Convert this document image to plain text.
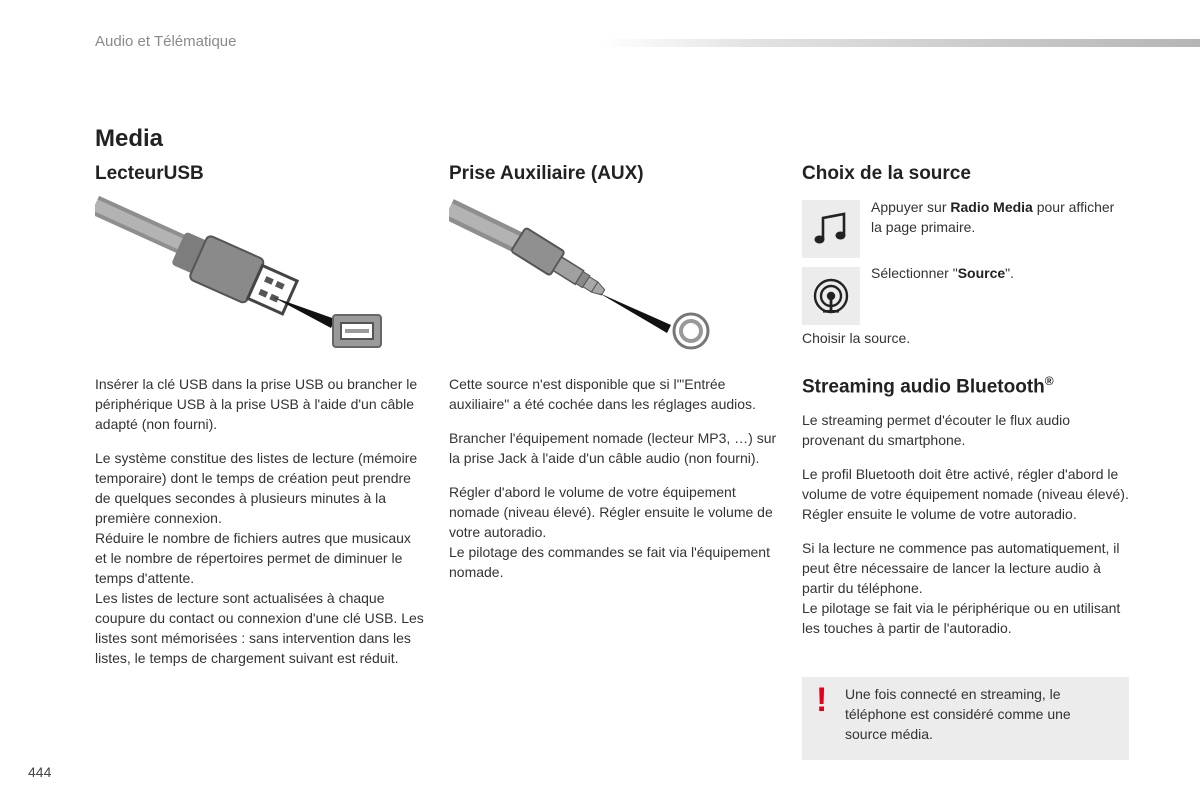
Audio et Télématique
Media
LecteurUSB

Insérer la clé USB dans la prise USB ou brancher le périphérique USB à la prise USB à l'aide d'un câble adapté (non fourni).

Le système constitue des listes de lecture (mémoire temporaire) dont le temps de création peut prendre de quelques secondes à plusieurs minutes à la première connexion.
Réduire le nombre de fichiers autres que musicaux et le nombre de répertoires permet de diminuer le temps d'attente.
Les listes de lecture sont actualisées à chaque coupure du contact ou connexion d'une clé USB. Les listes sont mémorisées : sans intervention dans les listes, le temps de chargement suivant est réduit.

Prise Auxiliaire (AUX)

Cette source n'est disponible que si l'"Entrée auxiliaire" a été cochée dans les réglages audios.

Brancher l'équipement nomade (lecteur MP3, …) sur la prise Jack à l'aide d'un câble audio (non fourni).

Régler d'abord le volume de votre équipement nomade (niveau élevé). Régler ensuite le volume de votre autoradio.
Le pilotage des commandes se fait via l'équipement nomade.

Choix de la source
Appuyer sur Radio Media pour afficher la page primaire.
Sélectionner "Source".
Choisir la source.
Streaming audio Bluetooth®

Le streaming permet d'écouter le flux audio provenant du smartphone.

Le profil Bluetooth doit être activé, régler d'abord le volume de votre équipement nomade (niveau élevé).
Régler ensuite le volume de votre autoradio.

Si la lecture ne commence pas automatiquement, il peut être nécessaire de lancer la lecture audio à partir du téléphone.
Le pilotage se fait via le périphérique ou en utilisant les touches à partir de l'autoradio.

! Une fois connecté en streaming, le téléphone est considéré comme une source média.
444
